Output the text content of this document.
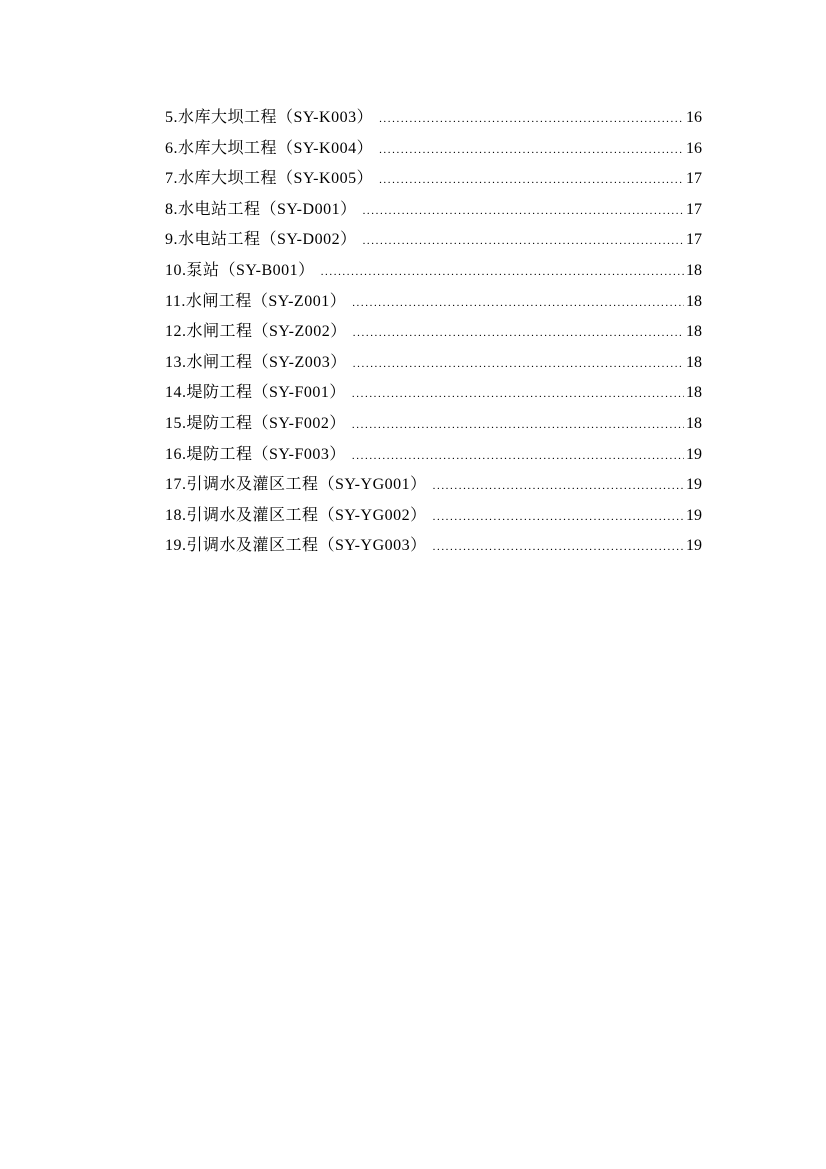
5.水库大坝工程（SY-K003） .....	16
6.水库大坝工程（SY-K004） .....	16
7.水库大坝工程（SY-K005） .....	17
8.水电站工程（SY-D001） .....	17
9.水电站工程（SY-D002） .....	17
10.泵站（SY-B001） .....	18
11.水闸工程（SY-Z001） .....	18
12.水闸工程（SY-Z002） .....	18
13.水闸工程（SY-Z003） .....	18
14.堤防工程（SY-F001） .....	18
15.堤防工程（SY-F002） .....	18
16.堤防工程（SY-F003） .....	19
17.引调水及灌区工程（SY-YG001） .....	19
18.引调水及灌区工程（SY-YG002） .....	19
19.引调水及灌区工程（SY-YG003） .....	19
